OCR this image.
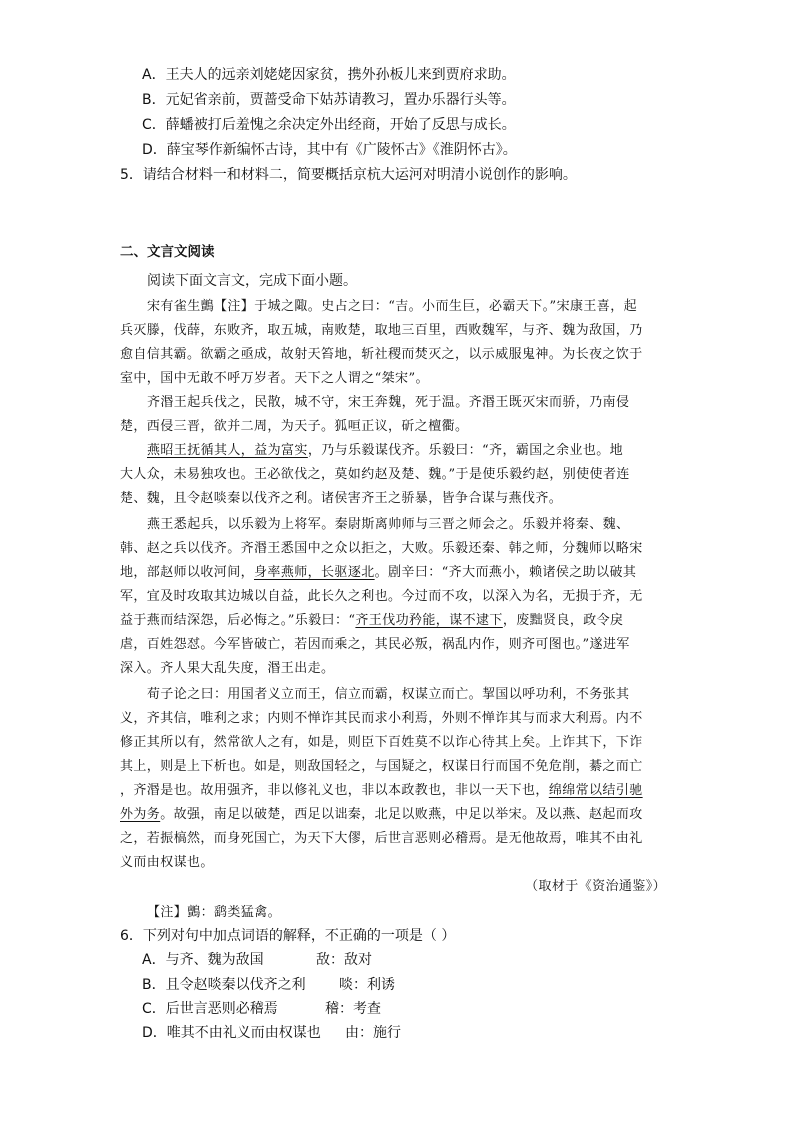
A．王夫人的远亲刘姥姥因家贫，携外孙板儿来到贾府求助。
B．元妃省亲前，贾蔷受命下姑苏请教习，置办乐器行头等。
C．薛蟠被打后羞愧之余决定外出经商，开始了反思与成长。
D．薛宝琴作新编怀古诗，其中有《广陵怀古》《淮阴怀古》。
5．请结合材料一和材料二，简要概括京杭大运河对明清小说创作的影响。
二、文言文阅读
阅读下面文言文，完成下面小题。
宋有雀生鸇【注】于城之陬。史占之曰：“吉。小而生巨，必霸天下。”宋康王喜，起
兵灭滕，伐薛，东败齐，取五城，南败楚，取地三百里，西败魏军，与齐、魏为敌国，乃
愈自信其霸。欲霸之亟成，故射天笞地，斩社稷而焚灭之，以示威服鬼神。为长夜之饮于
室中，国中无敢不呼万岁者。天下之人谓之“桀宋”。
齐湣王起兵伐之，民散，城不守，宋王奔魏，死于温。齐湣王既灭宋而骄，乃南侵
楚，西侵三晋，欲并二周，为天子。狐咺正议，斫之檀衢。
燕昭王抚循其人，益为富实，乃与乐毅谋伐齐。乐毅曰：“齐，霸国之余业也。地
大人众，未易独攻也。王必欲伐之，莫如约赵及楚、魏。”于是使乐毅约赵，别使使者连
楚、魏，且令赵啖秦以伐齐之利。诸侯害齐王之骄暴，皆争合谋与燕伐齐。
燕王悉起兵，以乐毅为上将军。秦尉斯离帅师与三晋之师会之。乐毅并将秦、魏、
韩、赵之兵以伐齐。齐湣王悉国中之众以拒之，大败。乐毅还秦、韩之师，分魏师以略宋
地，部赵师以收河间，身率燕师，长驱逐北。剧辛曰：“齐大而燕小，赖诸侯之助以破其
军，宜及时攻取其边城以自益，此长久之利也。今过而不攻，以深入为名，无损于齐，无
益于燕而结深怨，后必悔之。”乐毅曰：“齐王伐功矜能，谋不逮下，废黜贤良，政令戾
虐，百姓怨怼。今军皆破亡，若因而乘之，其民必叛，祸乱内作，则齐可图也。”遂进军
深入。齐人果大乱失度，湣王出走。
荀子论之曰：用国者义立而王，信立而霸，权谋立而亡。挈国以呼功利，不务张其
义，齐其信，唯利之求；内则不惮诈其民而求小利焉，外则不惮诈其与而求大利焉。内不
修正其所以有，然常欲人之有，如是，则臣下百姓莫不以诈心待其上矣。上诈其下，下诈
其上，则是上下析也。如是，则敌国轻之，与国疑之，权谋日行而国不免危削，綦之而亡
，齐湣是也。故用强齐，非以修礼义也，非以本政教也，非以一天下也，绵绵常以结引驰
外为务。故强，南足以破楚，西足以诎秦，北足以败燕，中足以举宋。及以燕、赵起而攻
之，若振槁然，而身死国亡，为天下大僇，后世言恶则必稽焉。是无他故焉，唯其不由礼
义而由权谋也。
（取材于《资治通鉴》）
【注】鸇：鹞类猛禽。
6．下列对句中加点词语的解释，不正确的一项是（ ）
A．与齐、魏为敌国	敌：敌对
B．且令赵啖秦以伐齐之利 啖：利诱
C．后世言恶则必稽焉	稽：考查
D．唯其不由礼义而由权谋也 由：施行
